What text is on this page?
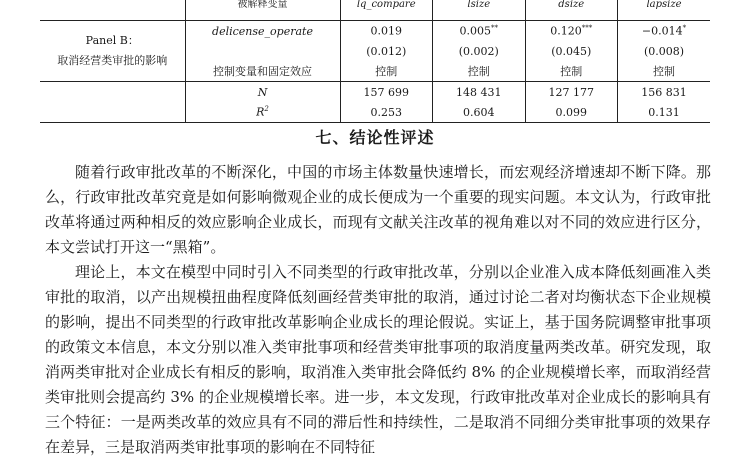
	被解释变量	lq_compare	lsize	dsize	lapsize

Panel B：
取消经营类审批的影响	delicense_operate	0.019	0.005**	0.120***	−0.014*
		(0.012)	(0.002)	(0.045)	(0.008)
	控制变量和固定效应	控制	控制	控制	控制
	N	157 699	148 431	127 177	156 831
	$R^2$	0.253	0.604	0.099	0.131
七、结论性评述

随着行政审批改革的不断深化，中国的市场主体数量快速增长，而宏观经济增速却不断下降。那么，行政审批改革究竟是如何影响微观企业的成长便成为一个重要的现实问题。本文认为，行政审批改革将通过两种相反的效应影响企业成长，而现有文献关注改革的视角难以对不同的效应进行区分，本文尝试打开这一“黑箱”。

理论上，本文在模型中同时引入不同类型的行政审批改革，分别以企业准入成本降低刻画准入类审批的取消，以产出规模扭曲程度降低刻画经营类审批的取消，通过讨论二者对均衡状态下企业规模的影响，提出不同类型的行政审批改革影响企业成长的理论假说。实证上，基于国务院调整审批事项的政策文本信息，本文分别以准入类审批事项和经营类审批事项的取消度量两类改革。研究发现，取消两类审批对企业成长有相反的影响，取消准入类审批会降低约 8% 的企业规模增长率，而取消经营类审批则会提高约 3% 的企业规模增长率。进一步，本文发现，行政审批改革对企业成长的影响具有三个特征：一是两类改革的效应具有不同的滞后性和持续性，二是取消不同细分类审批事项的效果存在差异，三是取消两类审批事项的影响在不同特征
